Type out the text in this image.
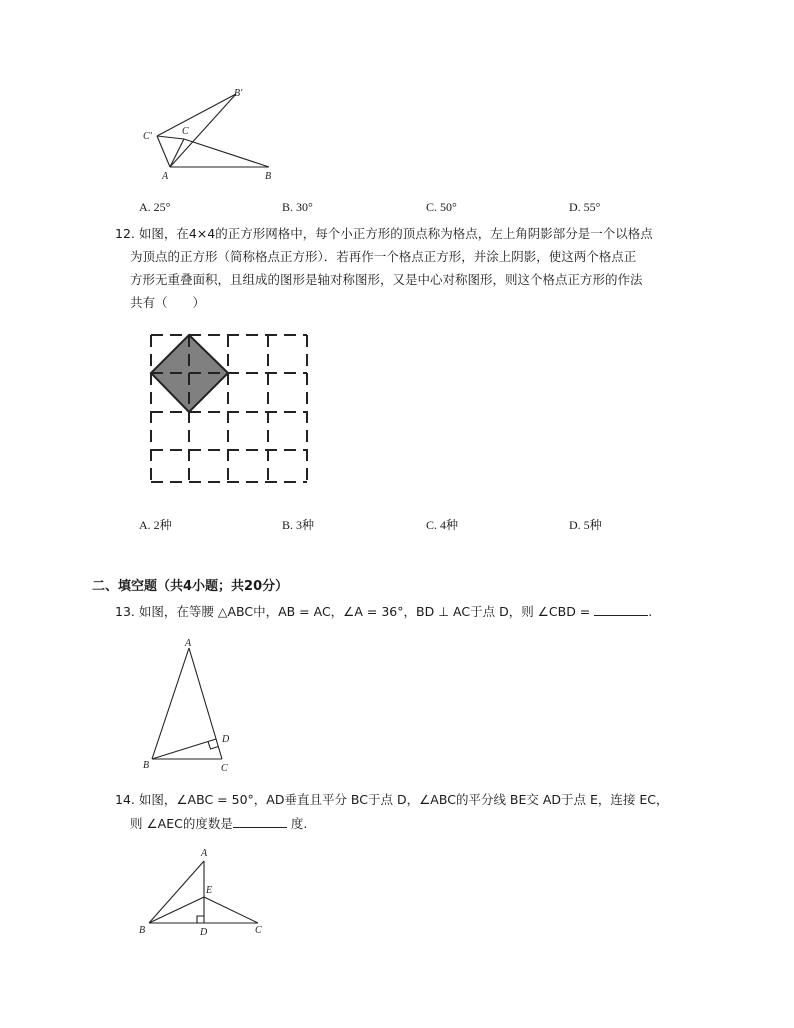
B'
C'	C
A	B
A. 25°	B. 30°	C. 50°	D. 55°
12. 如图，在4×4的正方形网格中，每个小正方形的顶点称为格点，左上角阴影部分是一个以格点
为顶点的正方形（简称格点正方形）．若再作一个格点正方形，并涂上阴影，使这两个格点正
方形无重叠面积，且组成的图形是轴对称图形，又是中心对称图形，则这个格点正方形的作法
共有（　　）
A. 2种	B. 3种	C. 4种	D. 5种
二、填空题（共4小题；共20分）
13. 如图，在等腰 △ABC中，AB = AC，∠A = 36°，BD ⊥ AC于点 D，则 ∠CBD =	.
A
D
B	C
14. 如图，∠ABC = 50°，AD垂直且平分 BC于点 D，∠ABC的平分线 BE交 AD于点 E，连接 EC，
则 ∠AEC的度数是	度.
A
E
B	D	C
